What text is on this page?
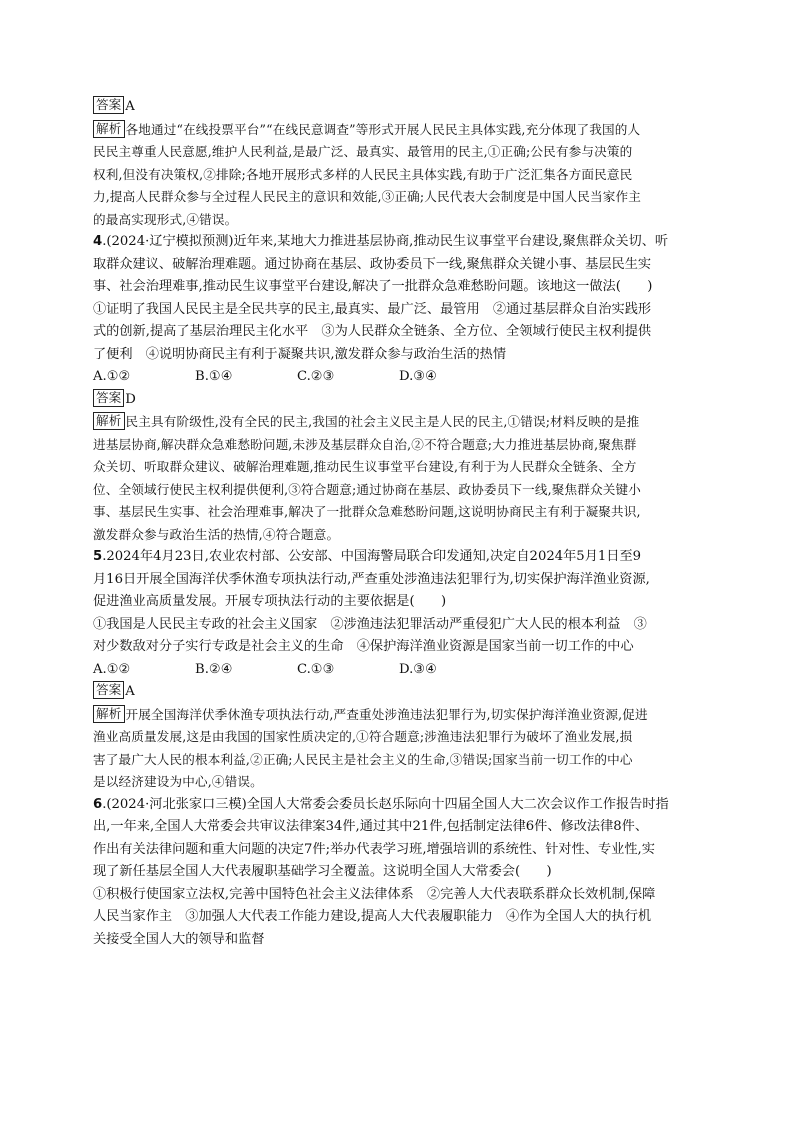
答案 A
解析 各地通过“在线投票平台”“在线民意调查”等形式开展人民民主具体实践,充分体现了我国的人
民民主尊重人民意愿,维护人民利益,是最广泛、最真实、最管用的民主,①正确;公民有参与决策的
权利,但没有决策权,②排除;各地开展形式多样的人民民主具体实践,有助于广泛汇集各方面民意民
力,提高人民群众参与全过程人民民主的意识和效能,③正确;人民代表大会制度是中国人民当家作主
的最高实现形式,④错误。
4.(2024·辽宁模拟预测)近年来,某地大力推进基层协商,推动民生议事堂平台建设,聚焦群众关切、听
取群众建议、破解治理难题。通过协商在基层、政协委员下一线,聚焦群众关键小事、基层民生实
事、社会治理难事,推动民生议事堂平台建设,解决了一批群众急难愁盼问题。该地这一做法(　　)
①证明了我国人民民主是全民共享的民主,最真实、最广泛、最管用　②通过基层群众自治实践形
式的创新,提高了基层治理民主化水平　③为人民群众全链条、全方位、全领域行使民主权利提供
了便利　④说明协商民主有利于凝聚共识,激发群众参与政治生活的热情
A.①②	B.①④	C.②③	D.③④
答案 D
解析 民主具有阶级性,没有全民的民主,我国的社会主义民主是人民的民主,①错误;材料反映的是推
进基层协商,解决群众急难愁盼问题,未涉及基层群众自治,②不符合题意;大力推进基层协商,聚焦群
众关切、听取群众建议、破解治理难题,推动民生议事堂平台建设,有利于为人民群众全链条、全方
位、全领域行使民主权利提供便利,③符合题意;通过协商在基层、政协委员下一线,聚焦群众关键小
事、基层民生实事、社会治理难事,解决了一批群众急难愁盼问题,这说明协商民主有利于凝聚共识,
激发群众参与政治生活的热情,④符合题意。
5.2024年4月23日,农业农村部、公安部、中国海警局联合印发通知,决定自2024年5月1日至9
月16日开展全国海洋伏季休渔专项执法行动,严查重处涉渔违法犯罪行为,切实保护海洋渔业资源,
促进渔业高质量发展。开展专项执法行动的主要依据是(　　)
①我国是人民民主专政的社会主义国家　②涉渔违法犯罪活动严重侵犯广大人民的根本利益　③
对少数敌对分子实行专政是社会主义的生命　④保护海洋渔业资源是国家当前一切工作的中心
A.①②	B.②④	C.①③	D.③④
答案 A
解析 开展全国海洋伏季休渔专项执法行动,严查重处涉渔违法犯罪行为,切实保护海洋渔业资源,促进
渔业高质量发展,这是由我国的国家性质决定的,①符合题意;涉渔违法犯罪行为破坏了渔业发展,损
害了最广大人民的根本利益,②正确;人民民主是社会主义的生命,③错误;国家当前一切工作的中心
是以经济建设为中心,④错误。
6.(2024·河北张家口三模)全国人大常委会委员长赵乐际向十四届全国人大二次会议作工作报告时指
出,一年来,全国人大常委会共审议法律案34件,通过其中21件,包括制定法律6件、修改法律8件、
作出有关法律问题和重大问题的决定7件;举办代表学习班,增强培训的系统性、针对性、专业性,实
现了新任基层全国人大代表履职基础学习全覆盖。这说明全国人大常委会(　　)
①积极行使国家立法权,完善中国特色社会主义法律体系　②完善人大代表联系群众长效机制,保障
人民当家作主　③加强人大代表工作能力建设,提高人大代表履职能力　④作为全国人大的执行机
关接受全国人大的领导和监督
